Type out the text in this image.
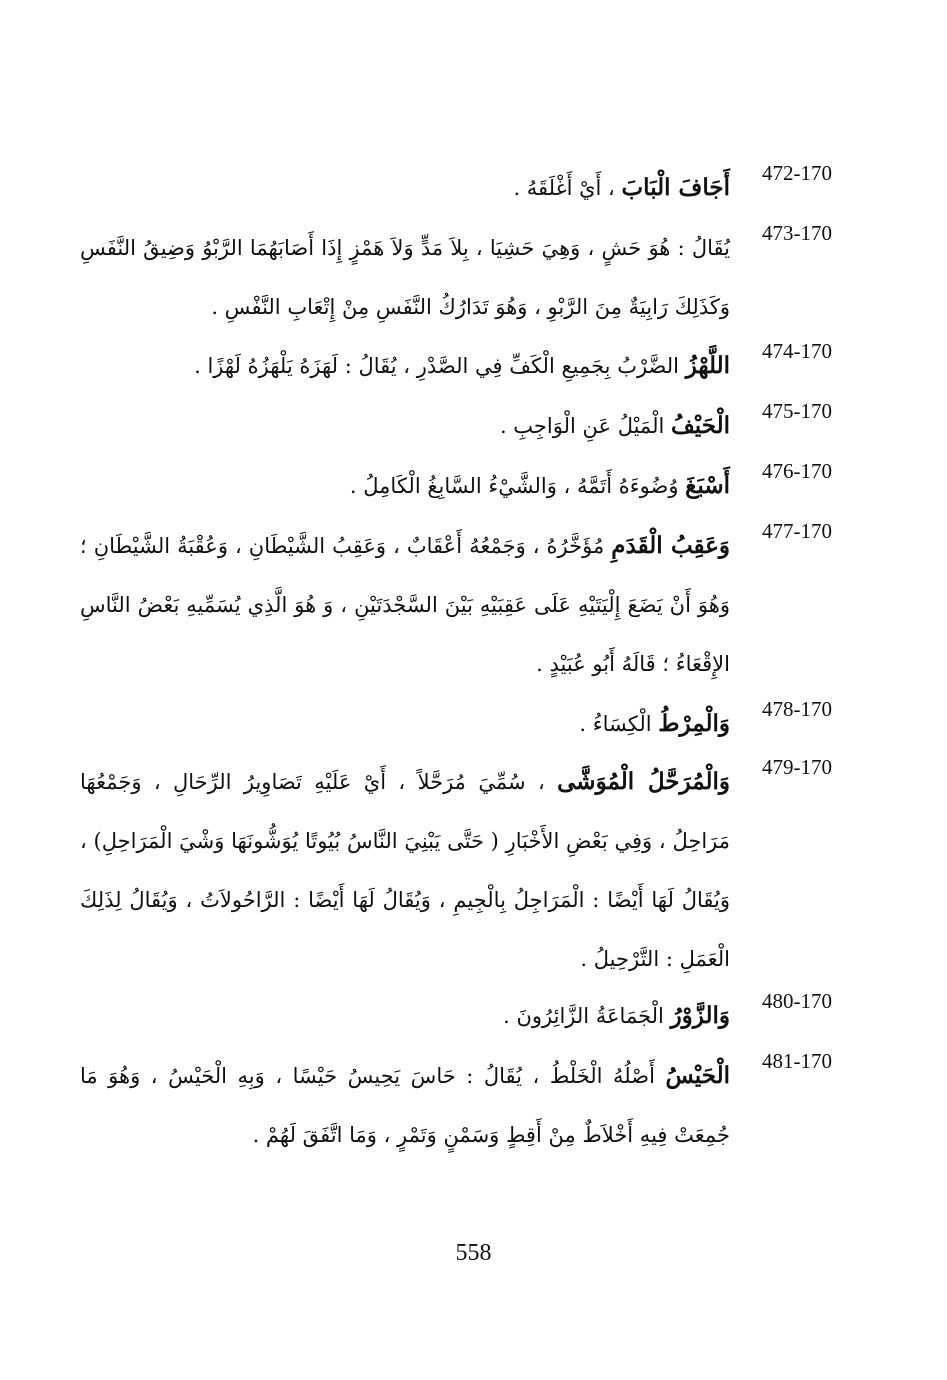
472-170
أَجَافَ الْبَابَ ، أَيْ أَغْلَقَهُ .
473-170
يُقَالُ : هُوَ حَشٍ ، وَهِيَ حَشِيَا ، بِلاَ مَدٍّ وَلاَ هَمْزٍ إِذَا أَصَابَهُمَا الرَّبْوُ وَضِيقُ النَّفَسِ وَكَذَلِكَ رَابِيَةٌ مِنَ الرَّبْوِ ، وَهُوَ تَدَارُكُ النَّفَسِ مِنْ إِتْعَابِ النَّفْسِ .
474-170
اللَّهْزُ الضَّرْبُ بِجَمِيعِ الْكَفِّ فِي الصَّدْرِ ، يُقَالُ : لَهَزَهُ يَلْهَزُهُ لَهْزًا .
475-170
الْحَيْفُ الْمَيْلُ عَنِ الْوَاجِبِ .
476-170
أَسْبَغَ وُضُوءَهُ أَتَمَّهُ ، وَالشَّيْءُ السَّابِغُ الْكَامِلُ .
477-170
وَعَقِبُ الْقَدَمِ مُؤَخَّرُهُ ، وَجَمْعُهُ أَعْقَابٌ ، وَعَقِبُ الشَّيْطَانِ ، وَعُقْبَةُ الشَّيْطَانِ ؛ وَهُوَ أَنْ يَضَعَ إِلْيَتَيْهِ عَلَى عَقِبَيْهِ بَيْنَ السَّجْدَتَيْنِ ، وَ هُوَ الَّذِي يُسَمِّيهِ بَعْضُ النَّاسِ الإِقْعَاءُ ؛ قَالَهُ أَبُو عُبَيْدٍ .
478-170
وَالْمِرْطُ الْكِسَاءُ .
479-170
وَالْمُرَحَّلُ الْمُوَشَّى ، سُمِّيَ مُرَحَّلاً ، أَيْ عَلَيْهِ تَصَاوِيرُ الرِّحَالِ ، وَجَمْعُهَا مَرَاحِلُ ، وَفِي بَعْضِ الأَخْبَارِ ( حَتَّى يَبْنِيَ النَّاسُ بُيُوتًا يُوَشُّونَهَا وَشْيَ الْمَرَاحِلِ) ، وَيُقَالُ لَهَا أَيْضًا : الْمَرَاجِلُ بِالْجِيمِ ، وَيُقَالُ لَهَا أَيْضًا : الرَّاحُولاَتُ ، وَيُقَالُ لِذَلِكَ الْعَمَلِ : التَّرْحِيلُ .
480-170
وَالزَّوْرُ الْجَمَاعَةُ الزَّائِرُونَ .
481-170
الْحَيْسُ أَصْلُهُ الْخَلْطُ ، يُقَالُ : حَاسَ يَحِيسُ حَيْسًا ، وَبِهِ الْحَيْسُ ، وَهُوَ مَا جُمِعَتْ فِيهِ أَخْلاَطٌ مِنْ أَقِطٍ وَسَمْنٍ وَتَمْرٍ ، وَمَا اتَّفَقَ لَهُمْ .
558
